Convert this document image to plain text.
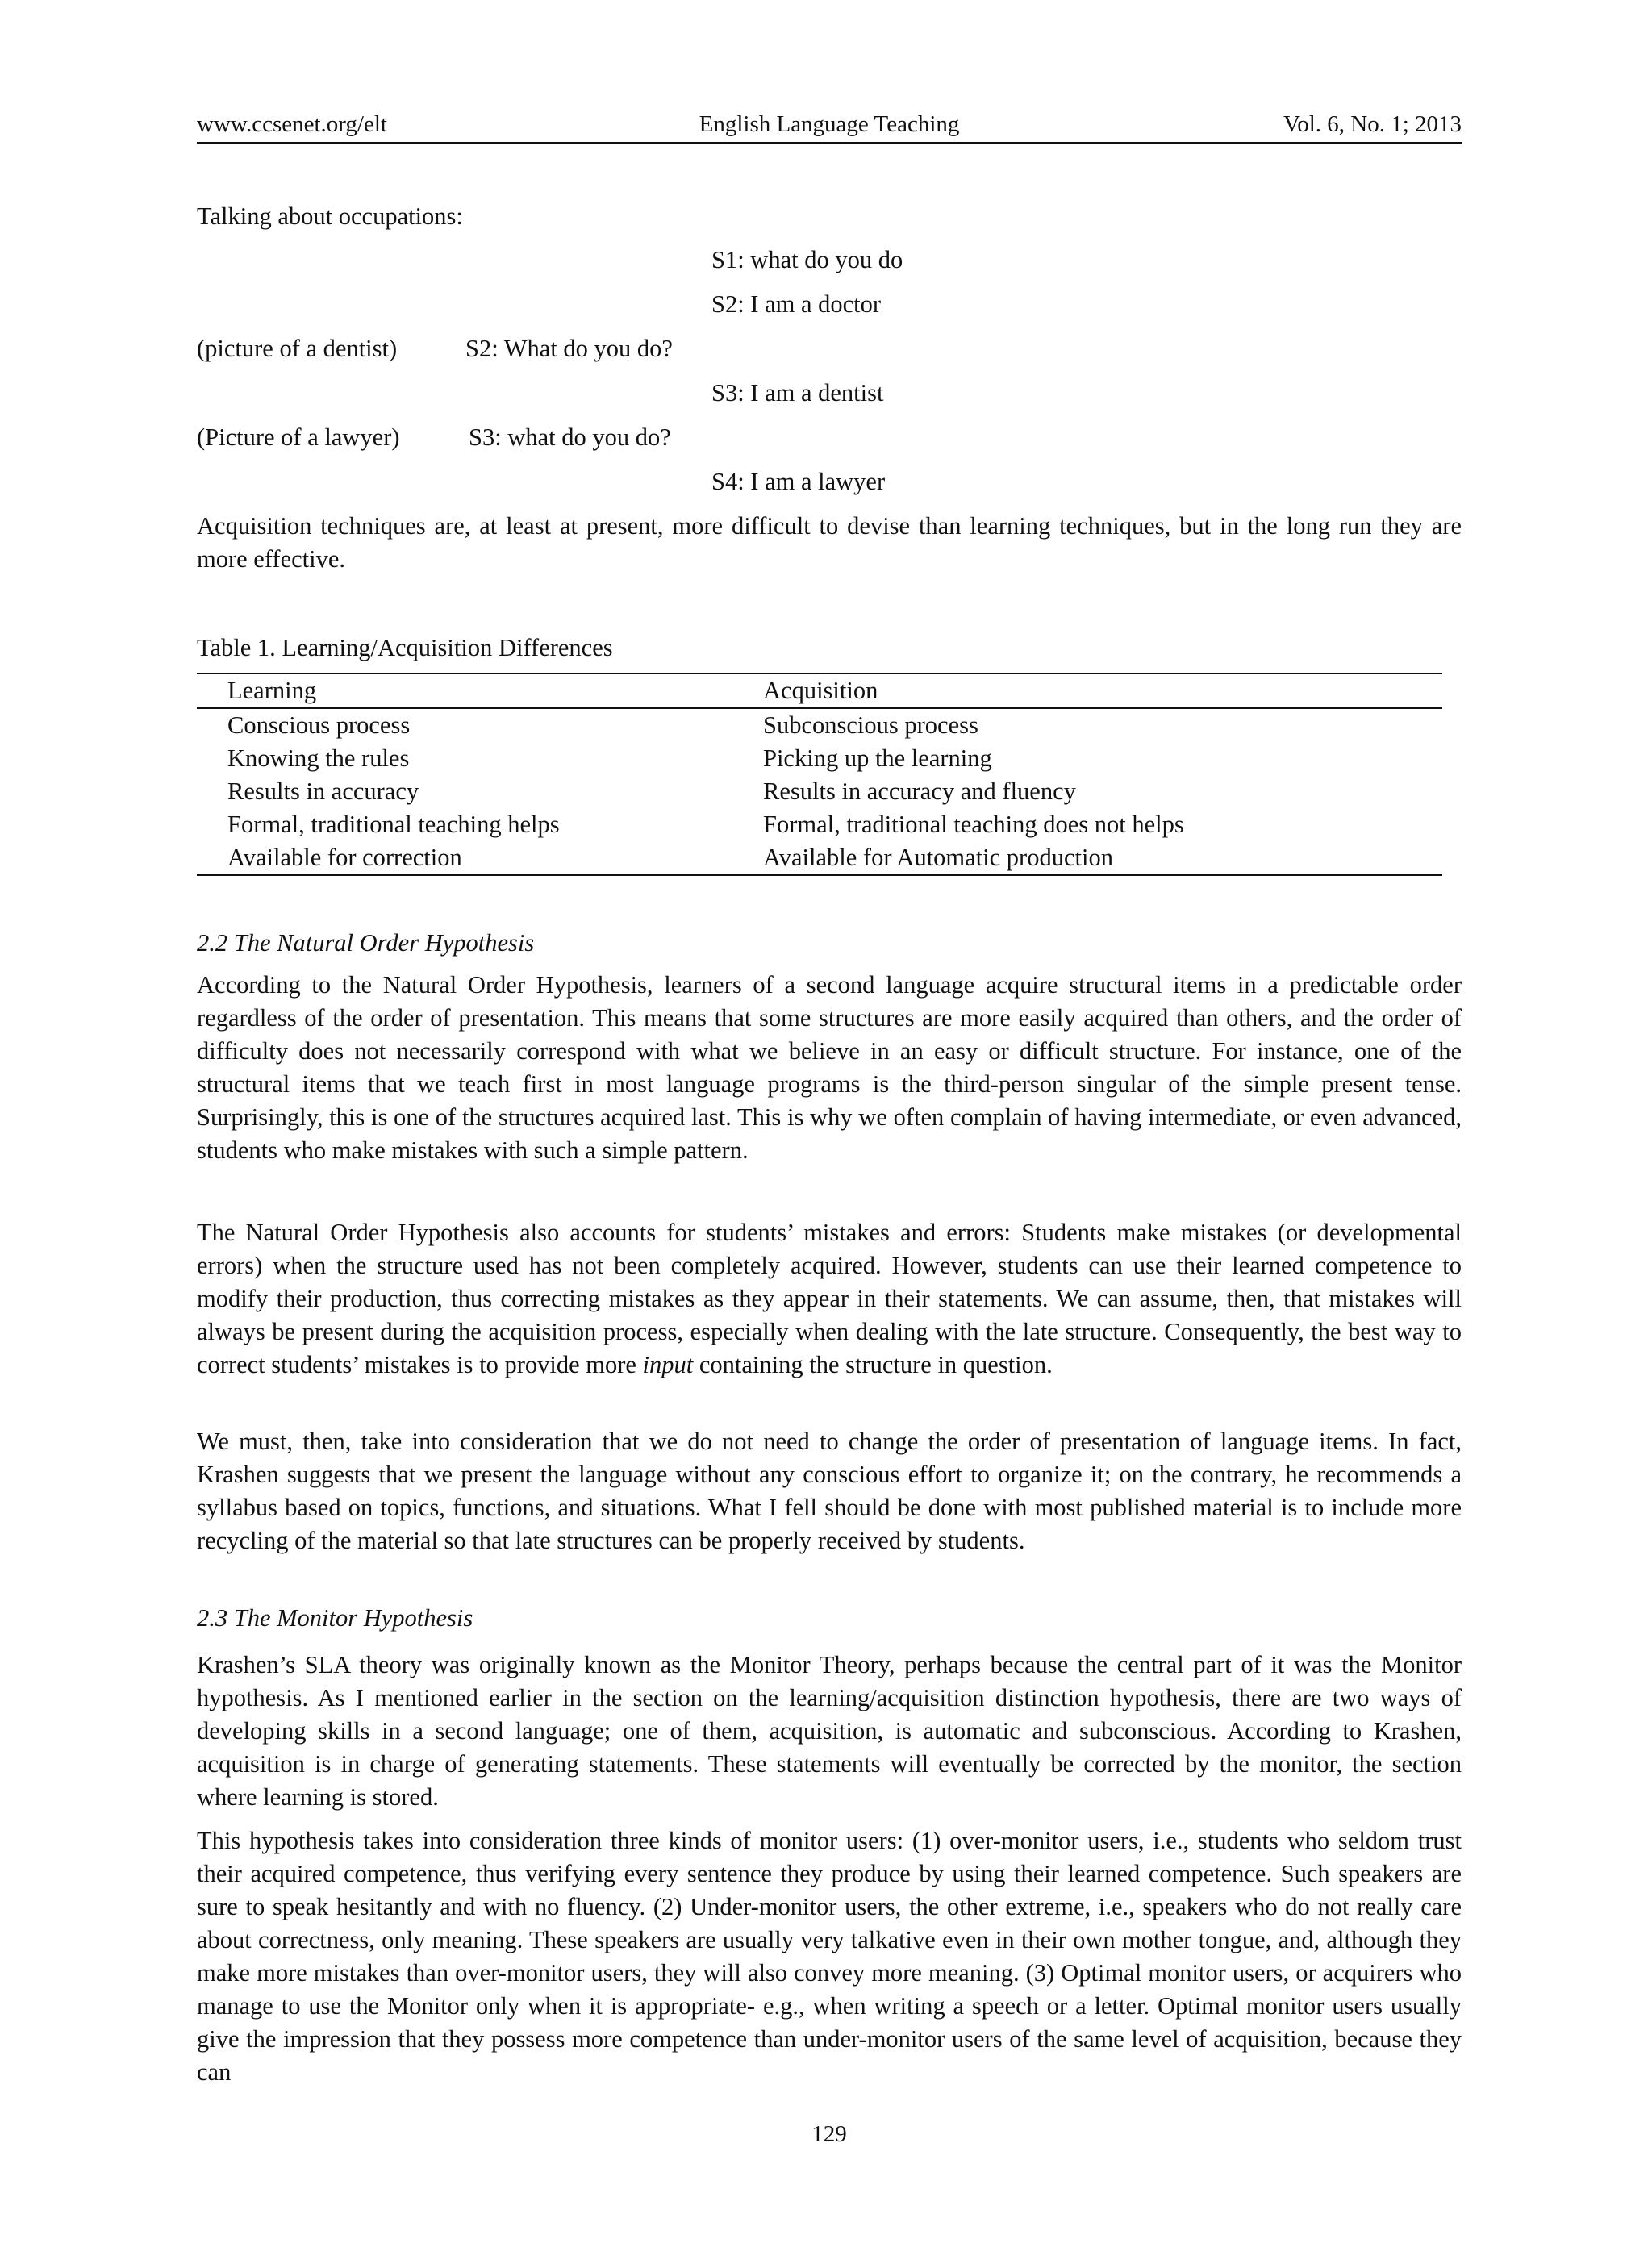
www.ccsenet.org/elt	English Language Teaching	Vol. 6, No. 1; 2013
Talking about occupations:
S1: what do you do
S2: I am a doctor
(picture of a dentist)	S2: What do you do?
S3: I am a dentist
(Picture of a lawyer)	S3: what do you do?
S4: I am a lawyer

Acquisition techniques are, at least at present, more difficult to devise than learning techniques, but in the long run they are more effective.

Table 1. Learning/Acquisition Differences
Learning	Acquisition
Conscious process	Subconscious process
Knowing the rules	Picking up the learning
Results in accuracy	Results in accuracy and fluency
Formal, traditional teaching helps	Formal, traditional teaching does not helps
Available for correction	Available for Automatic production
2.2 The Natural Order Hypothesis

According to the Natural Order Hypothesis, learners of a second language acquire structural items in a predictable order regardless of the order of presentation. This means that some structures are more easily acquired than others, and the order of difficulty does not necessarily correspond with what we believe in an easy or difficult structure. For instance, one of the structural items that we teach first in most language programs is the third-person singular of the simple present tense. Surprisingly, this is one of the structures acquired last. This is why we often complain of having intermediate, or even advanced, students who make mistakes with such a simple pattern.

The Natural Order Hypothesis also accounts for students’ mistakes and errors: Students make mistakes (or developmental errors) when the structure used has not been completely acquired. However, students can use their learned competence to modify their production, thus correcting mistakes as they appear in their statements. We can assume, then, that mistakes will always be present during the acquisition process, especially when dealing with the late structure. Consequently, the best way to correct students’ mistakes is to provide more input containing the structure in question.

We must, then, take into consideration that we do not need to change the order of presentation of language items. In fact, Krashen suggests that we present the language without any conscious effort to organize it; on the contrary, he recommends a syllabus based on topics, functions, and situations. What I fell should be done with most published material is to include more recycling of the material so that late structures can be properly received by students.

2.3 The Monitor Hypothesis

Krashen’s SLA theory was originally known as the Monitor Theory, perhaps because the central part of it was the Monitor hypothesis. As I mentioned earlier in the section on the learning/acquisition distinction hypothesis, there are two ways of developing skills in a second language; one of them, acquisition, is automatic and subconscious. According to Krashen, acquisition is in charge of generating statements. These statements will eventually be corrected by the monitor, the section where learning is stored.

This hypothesis takes into consideration three kinds of monitor users: (1) over-monitor users, i.e., students who seldom trust their acquired competence, thus verifying every sentence they produce by using their learned competence. Such speakers are sure to speak hesitantly and with no fluency. (2) Under-monitor users, the other extreme, i.e., speakers who do not really care about correctness, only meaning. These speakers are usually very talkative even in their own mother tongue, and, although they make more mistakes than over-monitor users, they will also convey more meaning. (3) Optimal monitor users, or acquirers who manage to use the Monitor only when it is appropriate- e.g., when writing a speech or a letter. Optimal monitor users usually give the impression that they possess more competence than under-monitor users of the same level of acquisition, because they can

129
